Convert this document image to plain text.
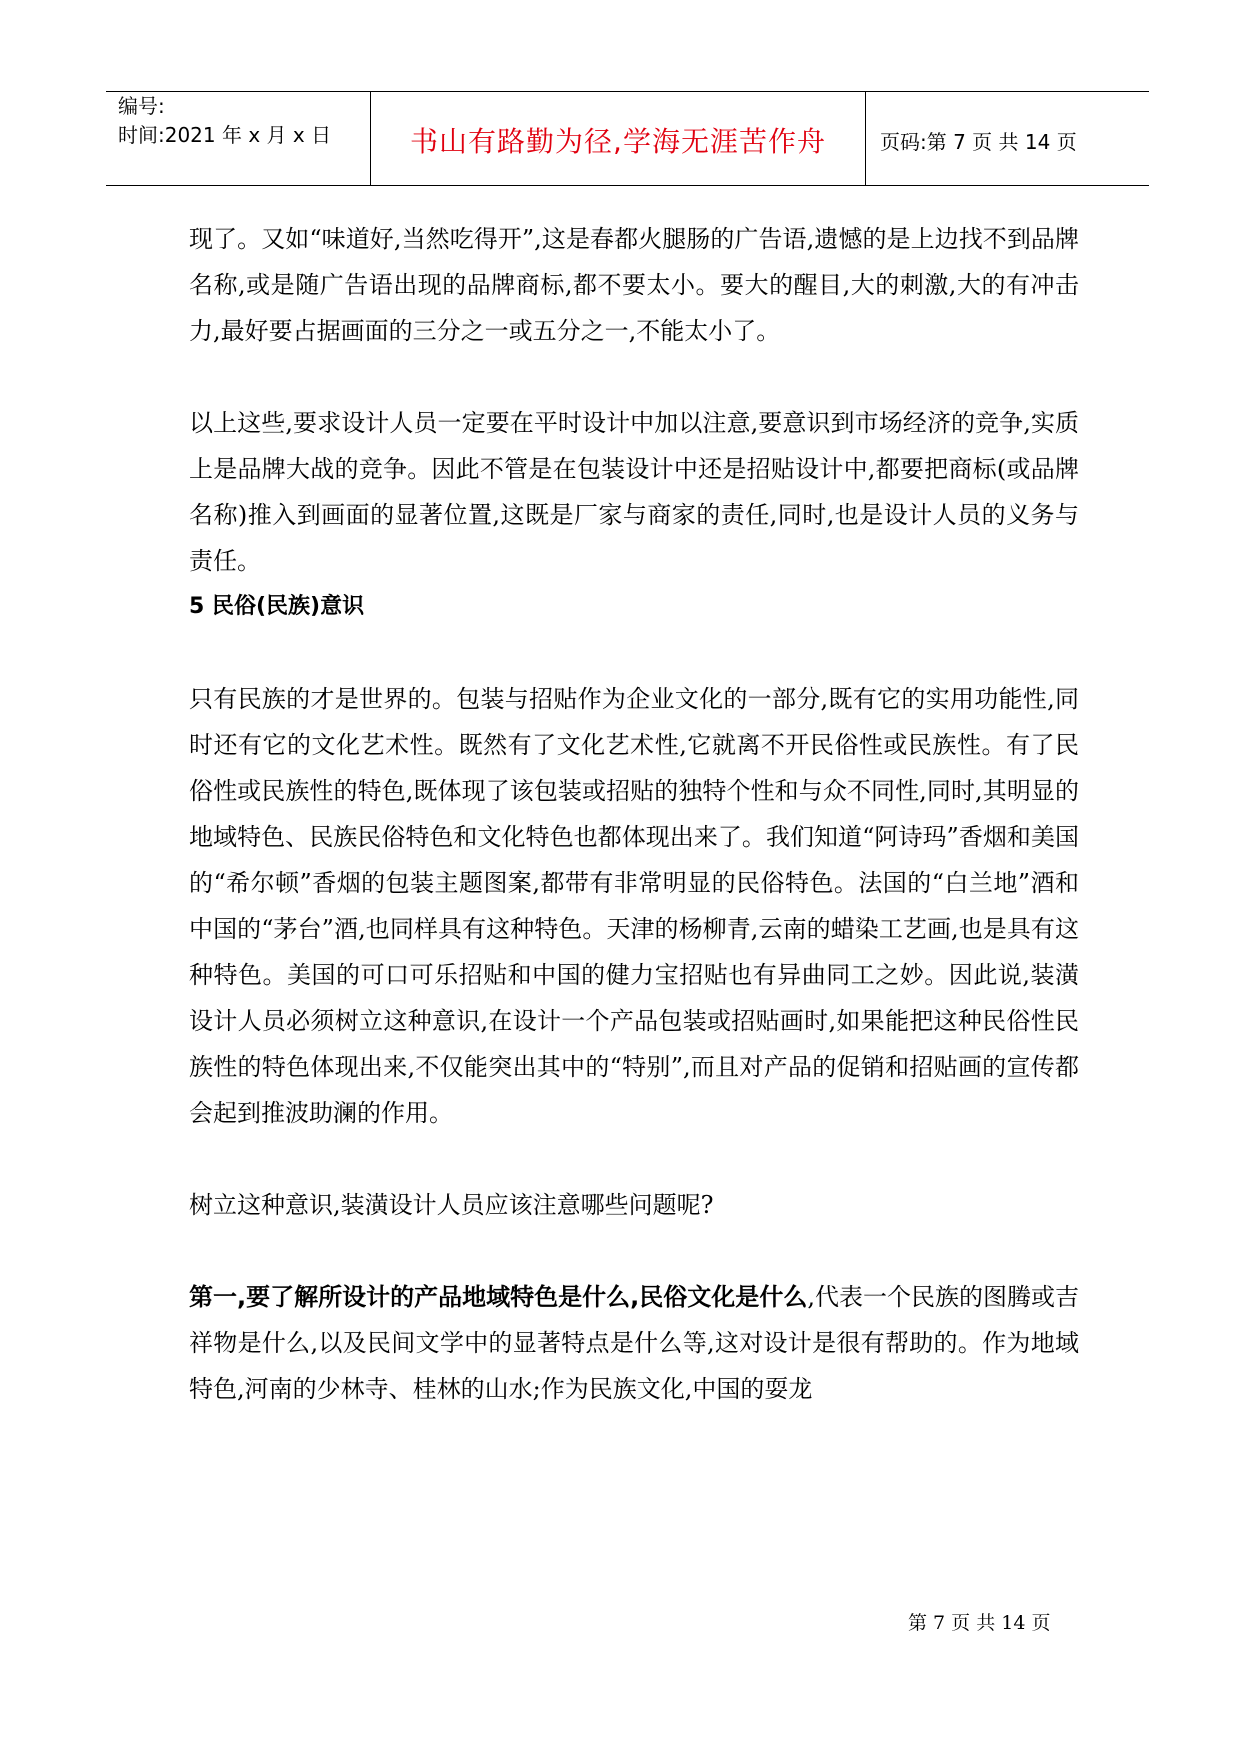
编号:
时间:2021 年 x 月 x 日	书山有路勤为径,学海无涯苦作舟	页码:第 7 页 共 14 页

现了。又如“味道好,当然吃得开”,这是春都火腿肠的广告语,遗憾的是上边找不到品牌名称,或是随广告语出现的品牌商标,都不要太小。要大的醒目,大的刺激,大的有冲击力,最好要占据画面的三分之一或五分之一,不能太小了。

以上这些,要求设计人员一定要在平时设计中加以注意,要意识到市场经济的竞争,实质上是品牌大战的竞争。因此不管是在包装设计中还是招贴设计中,都要把商标(或品牌名称)推入到画面的显著位置,这既是厂家与商家的责任,同时,也是设计人员的义务与责任。

5 民俗(民族)意识

只有民族的才是世界的。包装与招贴作为企业文化的一部分,既有它的实用功能性,同时还有它的文化艺术性。既然有了文化艺术性,它就离不开民俗性或民族性。有了民俗性或民族性的特色,既体现了该包装或招贴的独特个性和与众不同性,同时,其明显的地域特色、民族民俗特色和文化特色也都体现出来了。我们知道“阿诗玛”香烟和美国的“希尔顿”香烟的包装主题图案,都带有非常明显的民俗特色。法国的“白兰地”酒和中国的“茅台”酒,也同样具有这种特色。天津的杨柳青,云南的蜡染工艺画,也是具有这种特色。美国的可口可乐招贴和中国的健力宝招贴也有异曲同工之妙。因此说,装潢设计人员必须树立这种意识,在设计一个产品包装或招贴画时,如果能把这种民俗性民族性的特色体现出来,不仅能突出其中的“特别”,而且对产品的促销和招贴画的宣传都会起到推波助澜的作用。

树立这种意识,装潢设计人员应该注意哪些问题呢?

第一,要了解所设计的产品地域特色是什么,民俗文化是什么,代表一个民族的图腾或吉祥物是什么,以及民间文学中的显著特点是什么等,这对设计是很有帮助的。作为地域特色,河南的少林寺、桂林的山水;作为民族文化,中国的耍龙

第 7 页 共 14 页
